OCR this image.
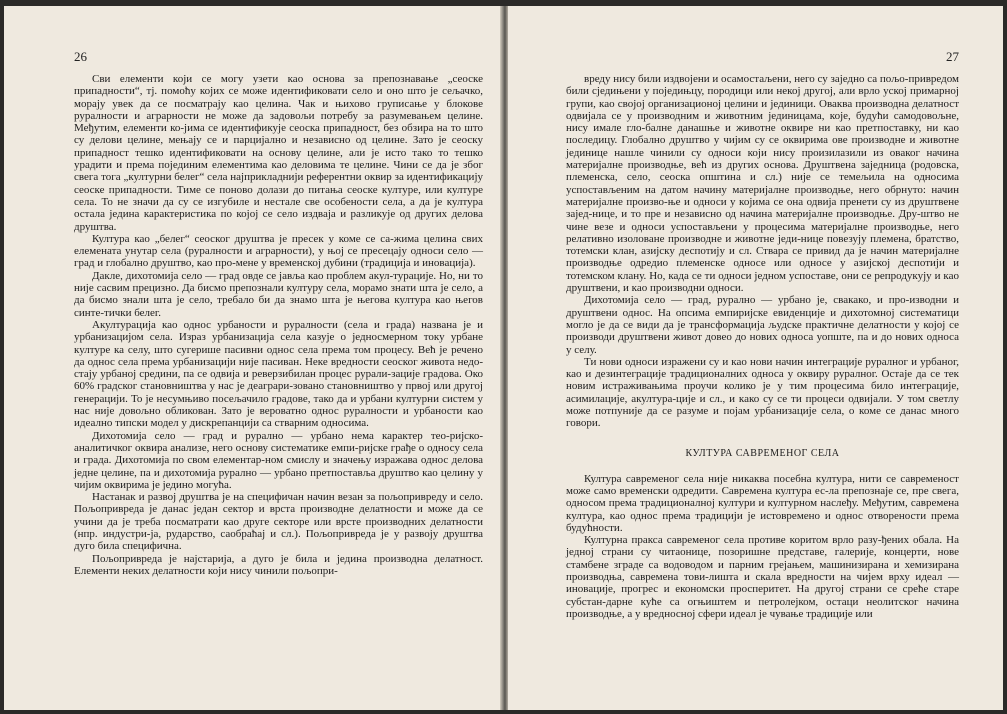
26

Сви елементи који се могу узети као основа за препознавање „сеоске припадности“, тј. помоћу којих се може идентификовати село и оно што је сељачко, морају увек да се посматрају као целина. Чак и њихово груписање у блокове руралности и аграрности не може да задовољи потребу за разумевањем целине. Међутим, елементи ко-јима се идентификује сеоска припадност, без обзира на то што су делови целине, мењају се и парцијално и независно од целине. Зато је сеоску припадност тешко идентификовати на основу целине, али је исто тако то тешко урадити и према појединим елементима као деловима те целине. Чини се да је због свега тога „културни белег“ села најприкладнији референтни оквир за идентификацију сеоске припадности. Тиме се поново долази до питања сеоске културе, или културе села. То не значи да су се изгубиле и нестале све особености села, а да је култура остала једина карактеристика по којој се село издваја и разликује од других делова друштва.

Култура као „белег“ сеоског друштва је пресек у коме се са-жима целина свих елемената унутар села (руралности и аграрности), у њој се пресецају односи село — град и глобално друштво, као про-мене у временској дубини (традиција и иновација).

Дакле, дихотомија село — град овде се јавља као проблем акул-турације. Но, ни то није сасвим прецизно. Да бисмо препознали културу села, морамо знати шта је село, а да бисмо знали шта је село, требало би да знамо шта је његова култура као његов синте-тички белег.

Акултурација као однос урбаности и руралности (села и града) названа је и урбанизацијом села. Израз урбанизација села казује о једносмерном току урбане културе ка селу, што сугерише пасивни однос села према том процесу. Већ је речено да однос села према урбанизацији није пасиван. Неке вредности сеоског живота недо-стају урбаној средини, па се одвија и реверзибилан процес рурали-зације градова. Око 60% градског становништва у нас је деаграри-зовано становништво у првој или другој генерацији. То је несумњиво посељачило градове, тако да и урбани културни систем у нас није довољно обликован. Зато је вероватно однос руралности и урбаности као идеално типски модел у дискрепанцији са стварним односима.

Дихотомија село — град и рурално — урбано нема карактер тео-ријско-аналитичког оквира анализе, него основу систематике емпи-ријске грађе о односу села и града. Дихотомија по свом елементар-ном смислу и значењу изражава однос делова једне целине, па и дихотомија рурално — урбано претпоставља друштво као целину у чијим оквирима је једино могућа.

Настанак и развој друштва је на специфичан начин везан за пољопривреду и село. Пољопривреда је данас један сектор и врста производне делатности и може да се учини да је треба посматрати као друге секторе или врсте производних делатности (нпр. индустри-ја, рударство, саобраћај и сл.). Пољопривреда је у развоју друштва дуго била специфична.

Пољопривреда је најстарија, а дуго је била и једина производна делатност. Елементи неких делатности који нису чинили пољопри-

27

вреду нису били издвојени и осамостаљени, него су заједно са пољо-привредом били сједињени у поједињцу, породици или некој другој, али врло уској примарној групи, као својој организационој целини и јединици. Оваква производна делатност одвијала се у производним и животним јединицама, које, будући самодовољне, нису имале гло-балне данашње и животне оквире ни као претпоставку, ни као последицу. Глобално друштво у чијим су се оквирима ове производне и животне јединице нашле чинили су односи који нису произилазили из оваког начина материјалне производње, већ из других основа. Друштвена заједница (родовска, племенска, село, сеоска општина и сл.) није се темељила на односима успостављеним на датом начину материјалне производње, него обрнуто: начин материјалне произво-ње и односи у којима се она одвија пренети су из друштвене зајед-нице, и то пре и независно од начина материјалне производње. Дру-штво не чине везе и односи успостављени у процесима материјалне производње, него релативно изоловане производне и животне једи-нице повезују племена, братство, тотемски клан, азијску деспотију и сл. Ствара се привид да је начин материјалне производње одредио племенске односе или односе у азијској деспотији и тотемском клану. Но, када се ти односи једном успоставе, они се репродукују и као друштвени, и као производни односи.

Дихотомија село — град, рурално — урбано је, свакако, и про-изводни и друштвени однос. На опсима емпиријске евиденције и дихотомној систематици могло је да се види да је трансформација људске практичне делатности у којој се производи друштвени живот довео до нових односа уопште, па и до нових односа у селу.

Ти нови односи изражени су и као нови начин интеграције руралног и урбаног, као и дезинтеграције традиционалних односа у оквиру руралног. Остаје да се тек новим истраживањима проучи колико је у тим процесима било интеграције, асимилације, акултура-ције и сл., и како су се ти процеси одвијали. У том светлу може потпуније да се разуме и појам урбанизације села, о коме се данас много говори.

КУЛТУРА САВРЕМЕНОГ СЕЛА

Култура савременог села није никаква посебна култура, нити се савременост може само временски одредити. Савремена култура ес-ла препознаје се, пре свега, односом према традиционалној култури и културном наслеђу. Међутим, савремена култура, као однос према традицији је истовремено и однос отворености према будућности.

Културна пракса савременог села противе коритом врло разу-ђених обала. На једној страни су читаонице, позоришне представе, галерије, концерти, нове стамбене зграде са водоводом и парним грејањем, машинизирана и хемизирана производња, савремена тови-лишта и скала вредности на чијем врху идеал — иновације, прогрес и економски просперитет. На другој страни се среће старе субстан-дарне куће са огњиштем и петролејком, остаци неолитског начина производње, а у вредносној сфери идеал је чување традиције или
